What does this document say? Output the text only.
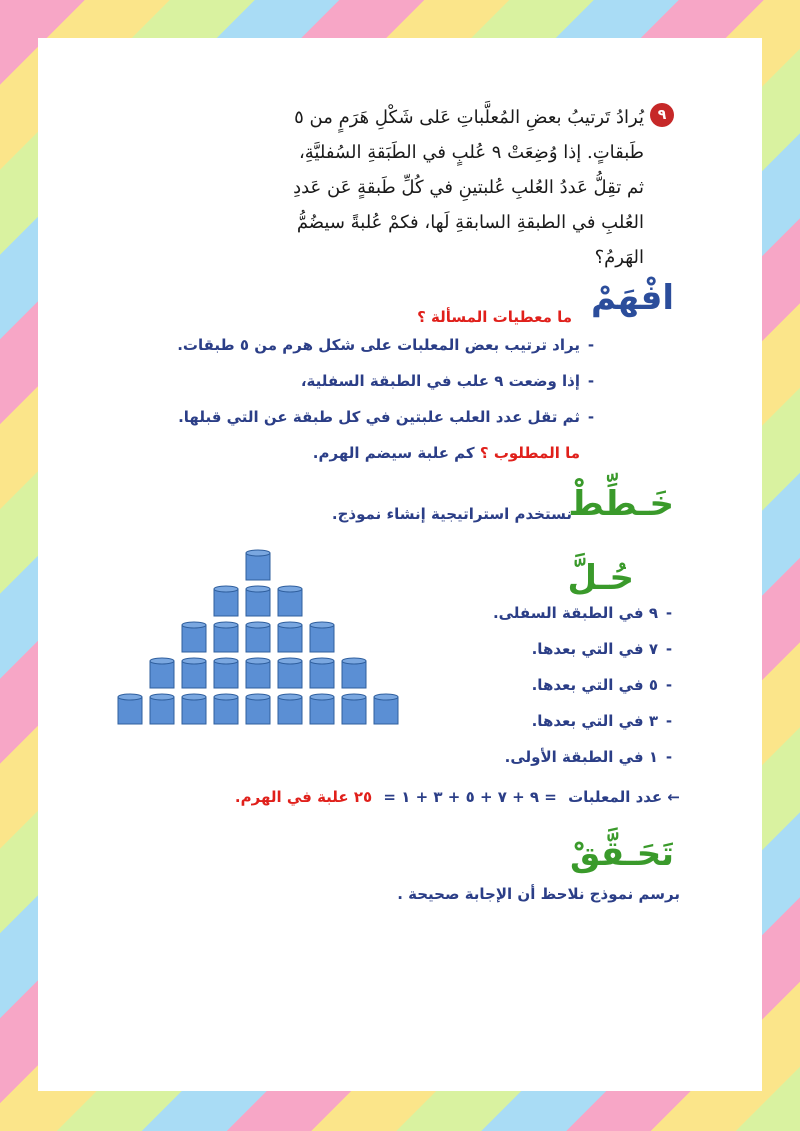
٩
يُرادُ تَرتيبُ بعضِ المُعلَّباتِ عَلى شَكْلِ هَرَمٍ من ٥
طَبقاتٍ. إذا وُضِعَتْ ٩ عُلبٍ في الطَبَقةِ السُفليَّةِ،
ثم تقِلُّ عَددُ العُلبِ عُلبتينِ في كُلِّ طَبقةٍ عَن عَددِ
العُلبِ في الطبقةِ السابقةِ لَها، فكمْ عُلبةً سيضُمُّ
الهَرمُ؟
افْهَمْ
ما معطيات المسألة ؟
-يراد ترتيب بعض المعلبات على شكل هرم من ٥ طبقات.
-إذا وضعت ٩ علب في الطبقة السفلية،
-ثم تقل عدد العلب علبتين في كل طبقة عن التي قبلها.
ما المطلوب ؟ كم علبة سيضم الهرم.
خَـطِّطْ
نستخدم استراتيجية إنشاء نموذج.
حُـلَّ
-٩ في الطبقة السفلى.
-٧ في التي بعدها.
-٥ في التي بعدها.
-٣ في التي بعدها.
-١ في الطبقة الأولى.
← عدد المعلبات = ٩ + ٧ + ٥ + ٣ + ١ = ٢٥ علبة في الهرم.
تَحَـقَّقْ
برسم نموذج نلاحظ أن الإجابة صحيحة .
